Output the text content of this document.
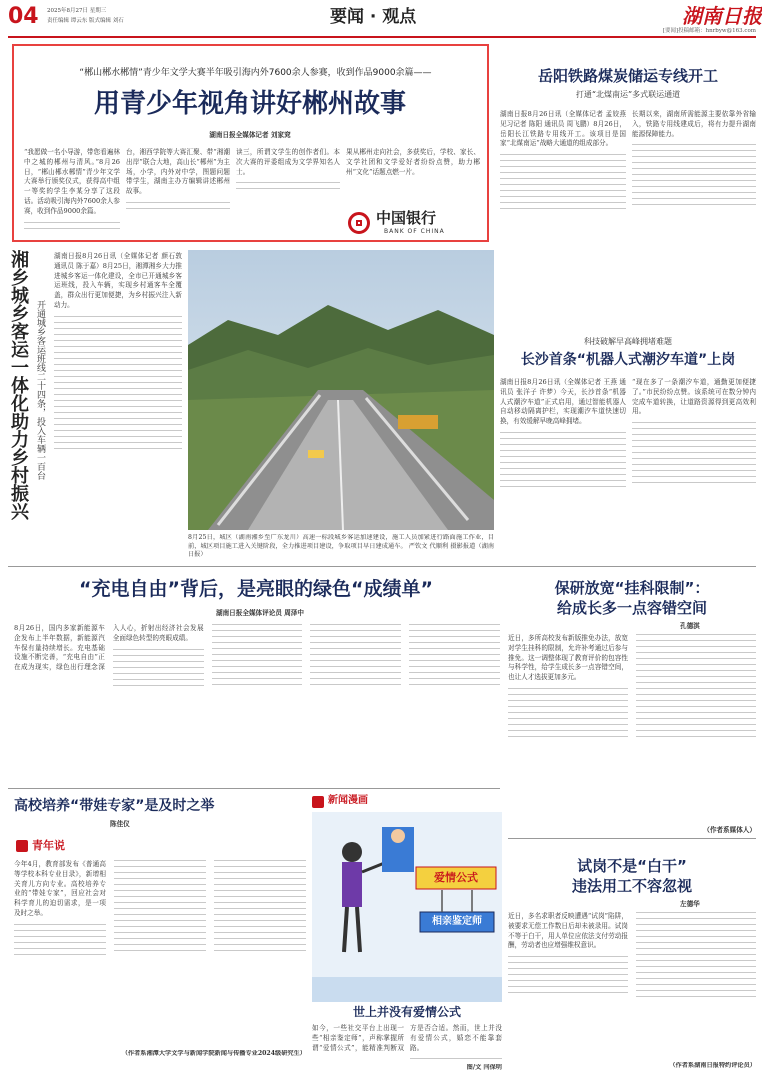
04	2025年8月27日 星期三
责任编辑 谭云东 版式编辑 刘石	要闻 · 观点	湖南日报
[要闻]投稿邮箱：hnrbyw@163.com
“郴山郴水郴情”青少年文学大赛半年吸引海内外7600余人参赛，收到作品9000余篇——
用青少年视角讲好郴州故事
湖南日报全媒体记者 刘家窕
“我愿做一名小导游，带您看遍林中之城的郴州与清风。”8月26日，“郴山郴水郴情”青少年文学大赛举行颁奖仪式，获得高中组一等奖的学生李某分享了这段话。活动吸引海内外7600余人参赛，收到作品9000余篇。
台，湘西学院等大赛汇聚、带“湘潮出岸”联合大地，高山长“郴州”为主场，小学，内外对中学，图题问题带学生，湖南主办方编辑讲述郴州故事。
读三，所谓文学生的创作者们。本次大赛的评委组成为文学界知名人士。
果从郴州走向社会，多获奖后，学校、家长、文学社团和文学爱好者纷纷点赞，助力郴州“文化”话题点燃一片。
中国银行
BANK OF CHINA
岳阳铁路煤炭储运专线开工
打通“北煤南运”多式联运通道
湖南日报8月26日讯（全媒体记者 孟姣燕 见习记者 陈阳 通讯员 周飞鹏）8月26日，岳阳长江铁路专用线开工。该项目是国家“北煤南运”战略大通道的组成部分。
长期以来，湖南所需能源主要依靠外省输入，铁路专用线建成后，将有力提升湖南能源保障能力。
湘乡城乡客运一体化助力乡村振兴 开通城乡客运班线二十四条，投入车辆一百台
湖南日报8月26日讯（全媒体记者 颜石敦 通讯员 陈于嘉）8月25日，湘潭湘乡大力推进城乡客运一体化建设，全市已开通城乡客运班线，投入车辆，实现乡村通客车全覆盖，群众出行更加便捷，为乡村振兴注入新动力。
8月25日，城区（湖南湘乡至广东龙川）高速一标段城乡客运加速建设，施工人员加紧进行路面施工作业，目前，城区项目施工进入关键阶段，全力推进项目建设，争取项目早日建成通车。 严钦文 代顺利 摄影报道（湖南日报）
科技破解早高峰拥堵难题
长沙首条“机器人式潮汐车道”上岗
湖南日报8月26日讯（全媒体记者 王燕 通讯员 张洋子 许梦）今天，长沙首条“机器人式潮汐车道”正式启用，通过智能机器人自动移动隔离护栏，实现潮汐车道快速切换，有效缓解早晚高峰拥堵。
“现在多了一条潮汐车道，通勤更加便捷了。”市民纷纷点赞。该系统可在数分钟内完成车道转换，让道路资源得到更高效利用。
“充电自由”背后，是亮眼的绿色“成绩单”
湖南日报全媒体评论员 周泽中
8月26日，国内多家新能源车企发布上半年数据，新能源汽车保有量持续增长。充电基础设施不断完善，“充电自由”正在成为现实，绿色出行理念深入人心，折射出经济社会发展全面绿色转型的亮眼成绩。
保研放宽“挂科限制”：
给成长多一点容错空间
孔德淇
近日，多所高校发布新版推免办法，放宽对学生挂科的限制，允许补考通过后参与推免。这一调整体现了教育评价的包容性与科学性，给学生成长多一点容错空间，也让人才选拔更加多元。
（作者系媒体人）
高校培养“带娃专家”是及时之举
陈佳仪
青年说
今年4月，教育部发布《普通高等学校本科专业目录》，新增相关育儿方向专业。高校培养专业的“带娃专家”，回应社会对科学育儿的迫切需求，是一项及时之举。
（作者系湘潭大学文学与新闻学院新闻与传播专业2024级研究生）
新闻漫画
爱情公式
相亲鉴定师
世上并没有爱情公式
如今，一些社交平台上出现一些“相亲鉴定师”，声称掌握所谓“爱情公式”，能精准判断双方是否合适。然而，世上并没有爱情公式，婚恋不能靠套路。
图/文 闫保明
试岗不是“白干”
违法用工不容忽视
左德华
近日，多名求职者反映遭遇“试岗”陷阱，被要求无偿工作数日后却未被录用。试岗不等于白干，用人单位应依法支付劳动报酬，劳动者也应增强维权意识。
（作者系湖南日报特约评论员）
